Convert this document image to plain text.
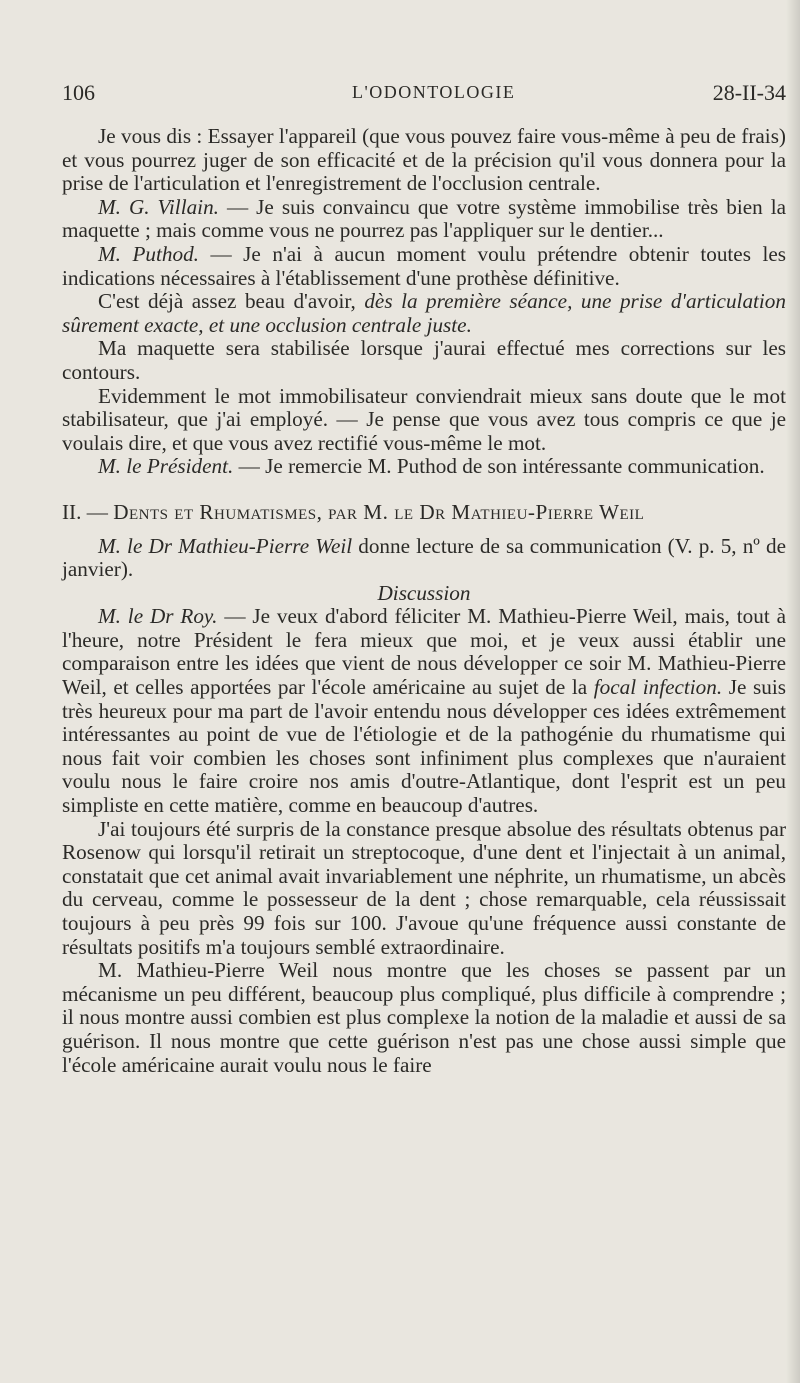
106	L'ODONTOLOGIE	28-II-34

Je vous dis : Essayer l'appareil (que vous pouvez faire vous-même à peu de frais) et vous pourrez juger de son efficacité et de la précision qu'il vous donnera pour la prise de l'articulation et l'enregistrement de l'occlusion centrale.

M. G. Villain. — Je suis convaincu que votre système immobilise très bien la maquette ; mais comme vous ne pourrez pas l'appliquer sur le dentier...

M. Puthod. — Je n'ai à aucun moment voulu prétendre obtenir toutes les indications nécessaires à l'établissement d'une prothèse définitive.

C'est déjà assez beau d'avoir, dès la première séance, une prise d'articulation sûrement exacte, et une occlusion centrale juste.

Ma maquette sera stabilisée lorsque j'aurai effectué mes corrections sur les contours.

Evidemment le mot immobilisateur conviendrait mieux sans doute que le mot stabilisateur, que j'ai employé. — Je pense que vous avez tous compris ce que je voulais dire, et que vous avez rectifié vous-même le mot.

M. le Président. — Je remercie M. Puthod de son intéressante communication.

II. — Dents et Rhumatismes, par M. le Dr Mathieu-Pierre Weil

M. le Dr Mathieu-Pierre Weil donne lecture de sa communication (V. p. 5, nº de janvier).

Discussion

M. le Dr Roy. — Je veux d'abord féliciter M. Mathieu-Pierre Weil, mais, tout à l'heure, notre Président le fera mieux que moi, et je veux aussi établir une comparaison entre les idées que vient de nous développer ce soir M. Mathieu-Pierre Weil, et celles apportées par l'école américaine au sujet de la focal infection. Je suis très heureux pour ma part de l'avoir entendu nous développer ces idées extrêmement intéressantes au point de vue de l'étiologie et de la pathogénie du rhumatisme qui nous fait voir combien les choses sont infiniment plus complexes que n'auraient voulu nous le faire croire nos amis d'outre-Atlantique, dont l'esprit est un peu simpliste en cette matière, comme en beaucoup d'autres.

J'ai toujours été surpris de la constance presque absolue des résultats obtenus par Rosenow qui lorsqu'il retirait un streptocoque, d'une dent et l'injectait à un animal, constatait que cet animal avait invariablement une néphrite, un rhumatisme, un abcès du cerveau, comme le possesseur de la dent ; chose remarquable, cela réussissait toujours à peu près 99 fois sur 100. J'avoue qu'une fréquence aussi constante de résultats positifs m'a toujours semblé extraordinaire.

M. Mathieu-Pierre Weil nous montre que les choses se passent par un mécanisme un peu différent, beaucoup plus compliqué, plus difficile à comprendre ; il nous montre aussi combien est plus complexe la notion de la maladie et aussi de sa guérison. Il nous montre que cette guérison n'est pas une chose aussi simple que l'école américaine aurait voulu nous le faire
